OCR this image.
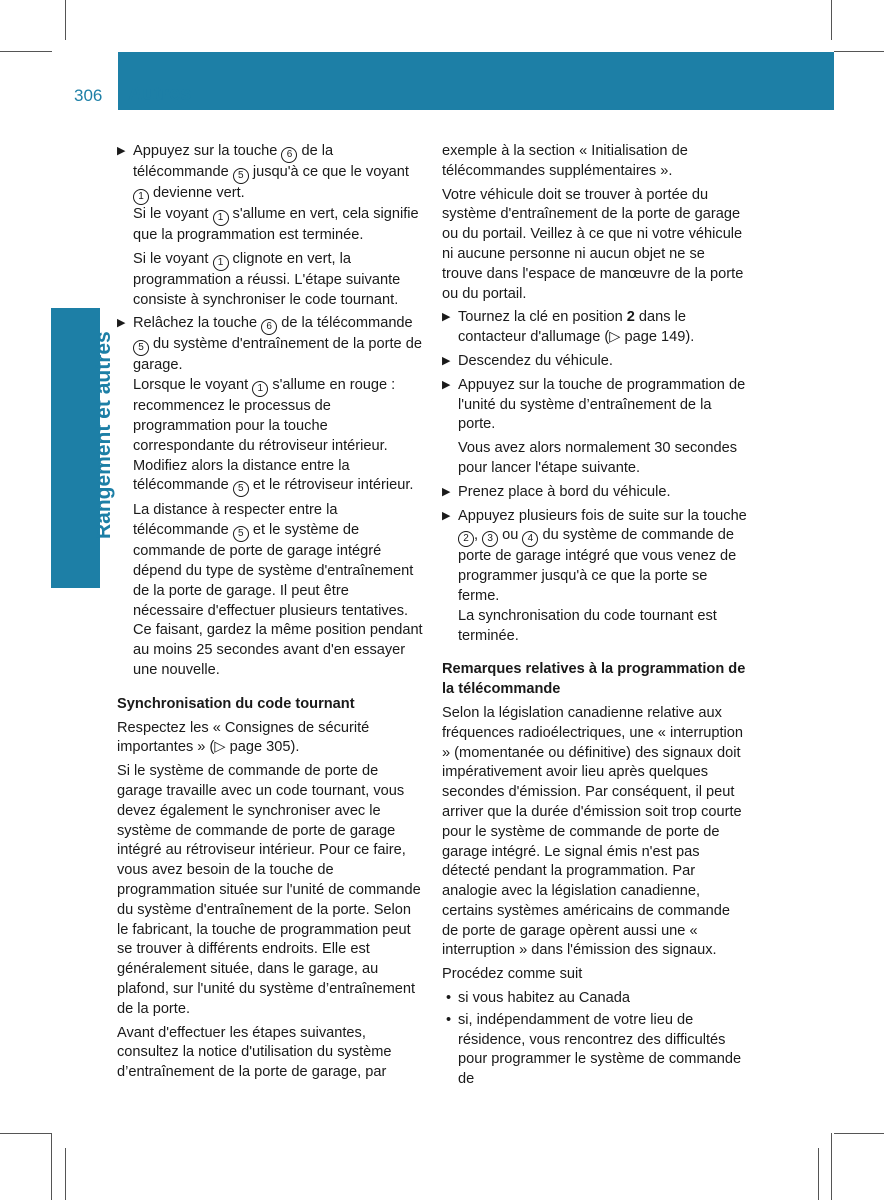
306 Autres
Rangement et autres
▶ Appuyez sur la touche 6 de la télécommande 5 jusqu'à ce que le voyant 1 devienne vert.
Si le voyant 1 s'allume en vert, cela signifie que la programmation est terminée.
Si le voyant 1 clignote en vert, la programmation a réussi. L'étape suivante consiste à synchroniser le code tournant.
▶ Relâchez la touche 6 de la télécommande 5 du système d'entraînement de la porte de garage.
Lorsque le voyant 1 s'allume en rouge : recommencez le processus de programmation pour la touche correspondante du rétroviseur intérieur. Modifiez alors la distance entre la télécommande 5 et le rétroviseur intérieur.
La distance à respecter entre la télécommande 5 et le système de commande de porte de garage intégré dépend du type de système d'entraînement de la porte de garage. Il peut être nécessaire d'effectuer plusieurs tentatives. Ce faisant, gardez la même position pendant au moins 25 secondes avant d'en essayer une nouvelle.
Synchronisation du code tournant

Respectez les « Consignes de sécurité importantes » (▷ page 305).

Si le système de commande de porte de garage travaille avec un code tournant, vous devez également le synchroniser avec le système de commande de porte de garage intégré au rétroviseur intérieur. Pour ce faire, vous avez besoin de la touche de programmation située sur l'unité de commande du système d'entraînement de la porte. Selon le fabricant, la touche de programmation peut se trouver à différents endroits. Elle est généralement située, dans le garage, au plafond, sur l'unité du système d’entraînement de la porte.

Avant d'effectuer les étapes suivantes, consultez la notice d'utilisation du système d’entraînement de la porte de garage, par

exemple à la section « Initialisation de télécommandes supplémentaires ».

Votre véhicule doit se trouver à portée du système d'entraînement de la porte de garage ou du portail. Veillez à ce que ni votre véhicule ni aucune personne ni aucun objet ne se trouve dans l'espace de manœuvre de la porte ou du portail.

▶ Tournez la clé en position 2 dans le contacteur d'allumage (▷ page 149).
▶ Descendez du véhicule.
▶ Appuyez sur la touche de programmation de l'unité du système d’entraînement de la porte.
Vous avez alors normalement 30 secondes pour lancer l'étape suivante.
▶ Prenez place à bord du véhicule.
▶ Appuyez plusieurs fois de suite sur la touche 2 , 3 ou 4 du système de commande de porte de garage intégré que vous venez de programmer jusqu'à ce que la porte se ferme.
La synchronisation du code tournant est terminée.
Remarques relatives à la programmation de la télécommande

Selon la législation canadienne relative aux fréquences radioélectriques, une « interruption » (momentanée ou définitive) des signaux doit impérativement avoir lieu après quelques secondes d'émission. Par conséquent, il peut arriver que la durée d'émission soit trop courte pour le système de commande de porte de garage intégré. Le signal émis n'est pas détecté pendant la programmation. Par analogie avec la législation canadienne, certains systèmes américains de commande de porte de garage opèrent aussi une « interruption » dans l'émission des signaux.

Procédez comme suit

• si vous habitez au Canada
• si, indépendamment de votre lieu de résidence, vous rencontrez des difficultés pour programmer le système de commande de
